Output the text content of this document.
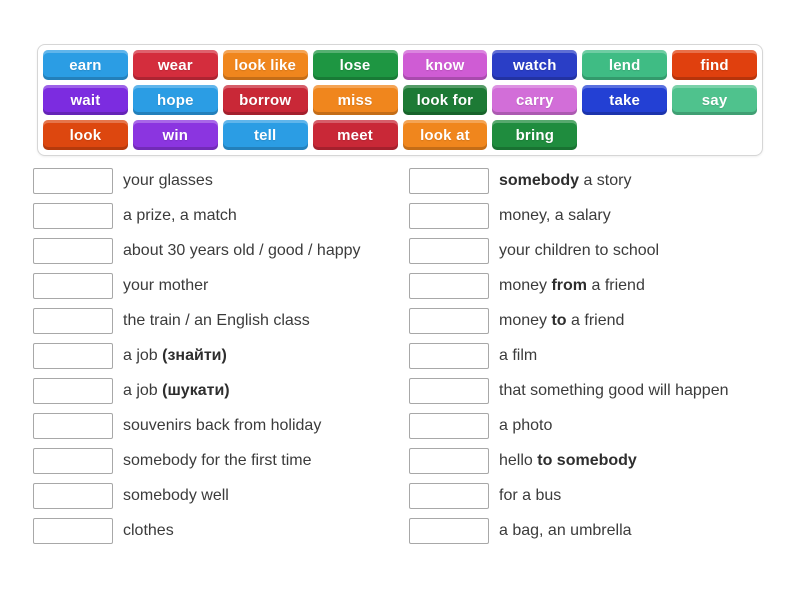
earn	wear	look like	lose	know	watch	lend	find
wait	hope	borrow	miss	look for	carry	take	say
look	win	tell	meet	look at	bring
your glasses
a prize, a match
about 30 years old / good / happy
your mother
the train / an English class
a job (знайти)
a job (шукати)
souvenirs back from holiday
somebody for the first time
somebody well
clothes
somebody a story
money, a salary
your children to school
money from a friend
money to a friend
a film
that something good will happen
a photo
hello to somebody
for a bus
a bag, an umbrella
